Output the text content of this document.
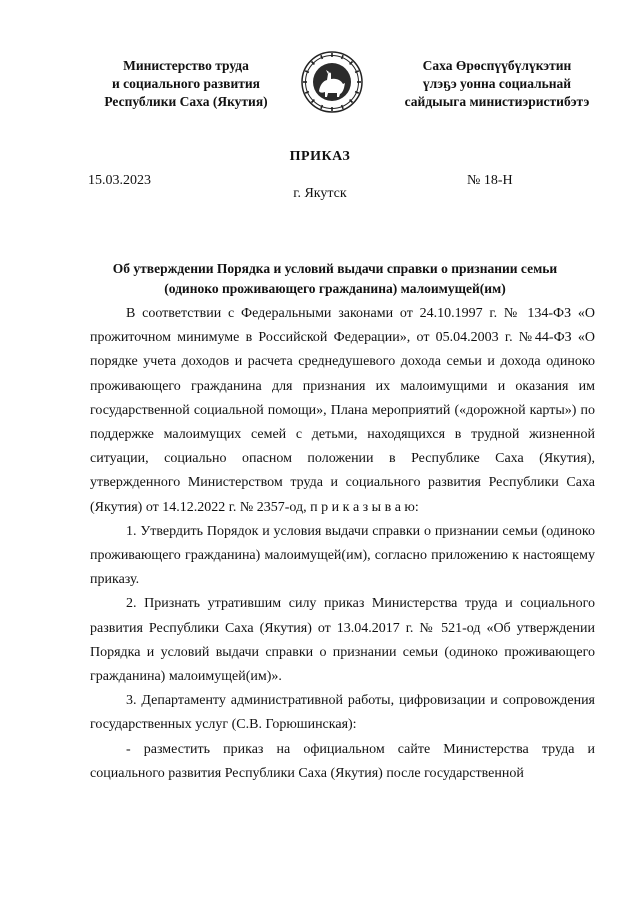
Министерство труда
и социального развития
Республики Саха (Якутия)
Саха Өрөспүүбүлүкэтин
үлэҕэ уонна социальнай
сайдыыга министиэристибэтэ
ПРИКАЗ
15.03.2023	№ 18-Н
г. Якутск
Об утверждении Порядка и условий выдачи справки о признании семьи (одиноко проживающего гражданина) малоимущей(им)

В соответствии с Федеральными законами от 24.10.1997 г. № 134-ФЗ «О прожиточном минимуме в Российской Федерации», от 05.04.2003 г. №44-ФЗ «О порядке учета доходов и расчета среднедушевого дохода семьи и дохода одиноко проживающего гражданина для признания их малоимущими и оказания им государственной социальной помощи», Плана мероприятий («дорожной карты») по поддержке малоимущих семей с детьми, находящихся в трудной жизненной ситуации, социально опасном положении в Республике Саха (Якутия), утвержденного Министерством труда и социального развития Республики Саха (Якутия) от 14.12.2022 г. № 2357-од, п р и к а з ы в а ю:

1. Утвердить Порядок и условия выдачи справки о признании семьи (одиноко проживающего гражданина) малоимущей(им), согласно приложению к настоящему приказу.

2. Признать утратившим силу приказ Министерства труда и социального развития Республики Саха (Якутия) от 13.04.2017 г. № 521-од «Об утверждении Порядка и условий выдачи справки о признании семьи (одиноко проживающего гражданина) малоимущей(им)».

3. Департаменту административной работы, цифровизации и сопровождения государственных услуг (С.В. Горюшинская):

- разместить приказ на официальном сайте Министерства труда и социального развития Республики Саха (Якутия) после государственной
